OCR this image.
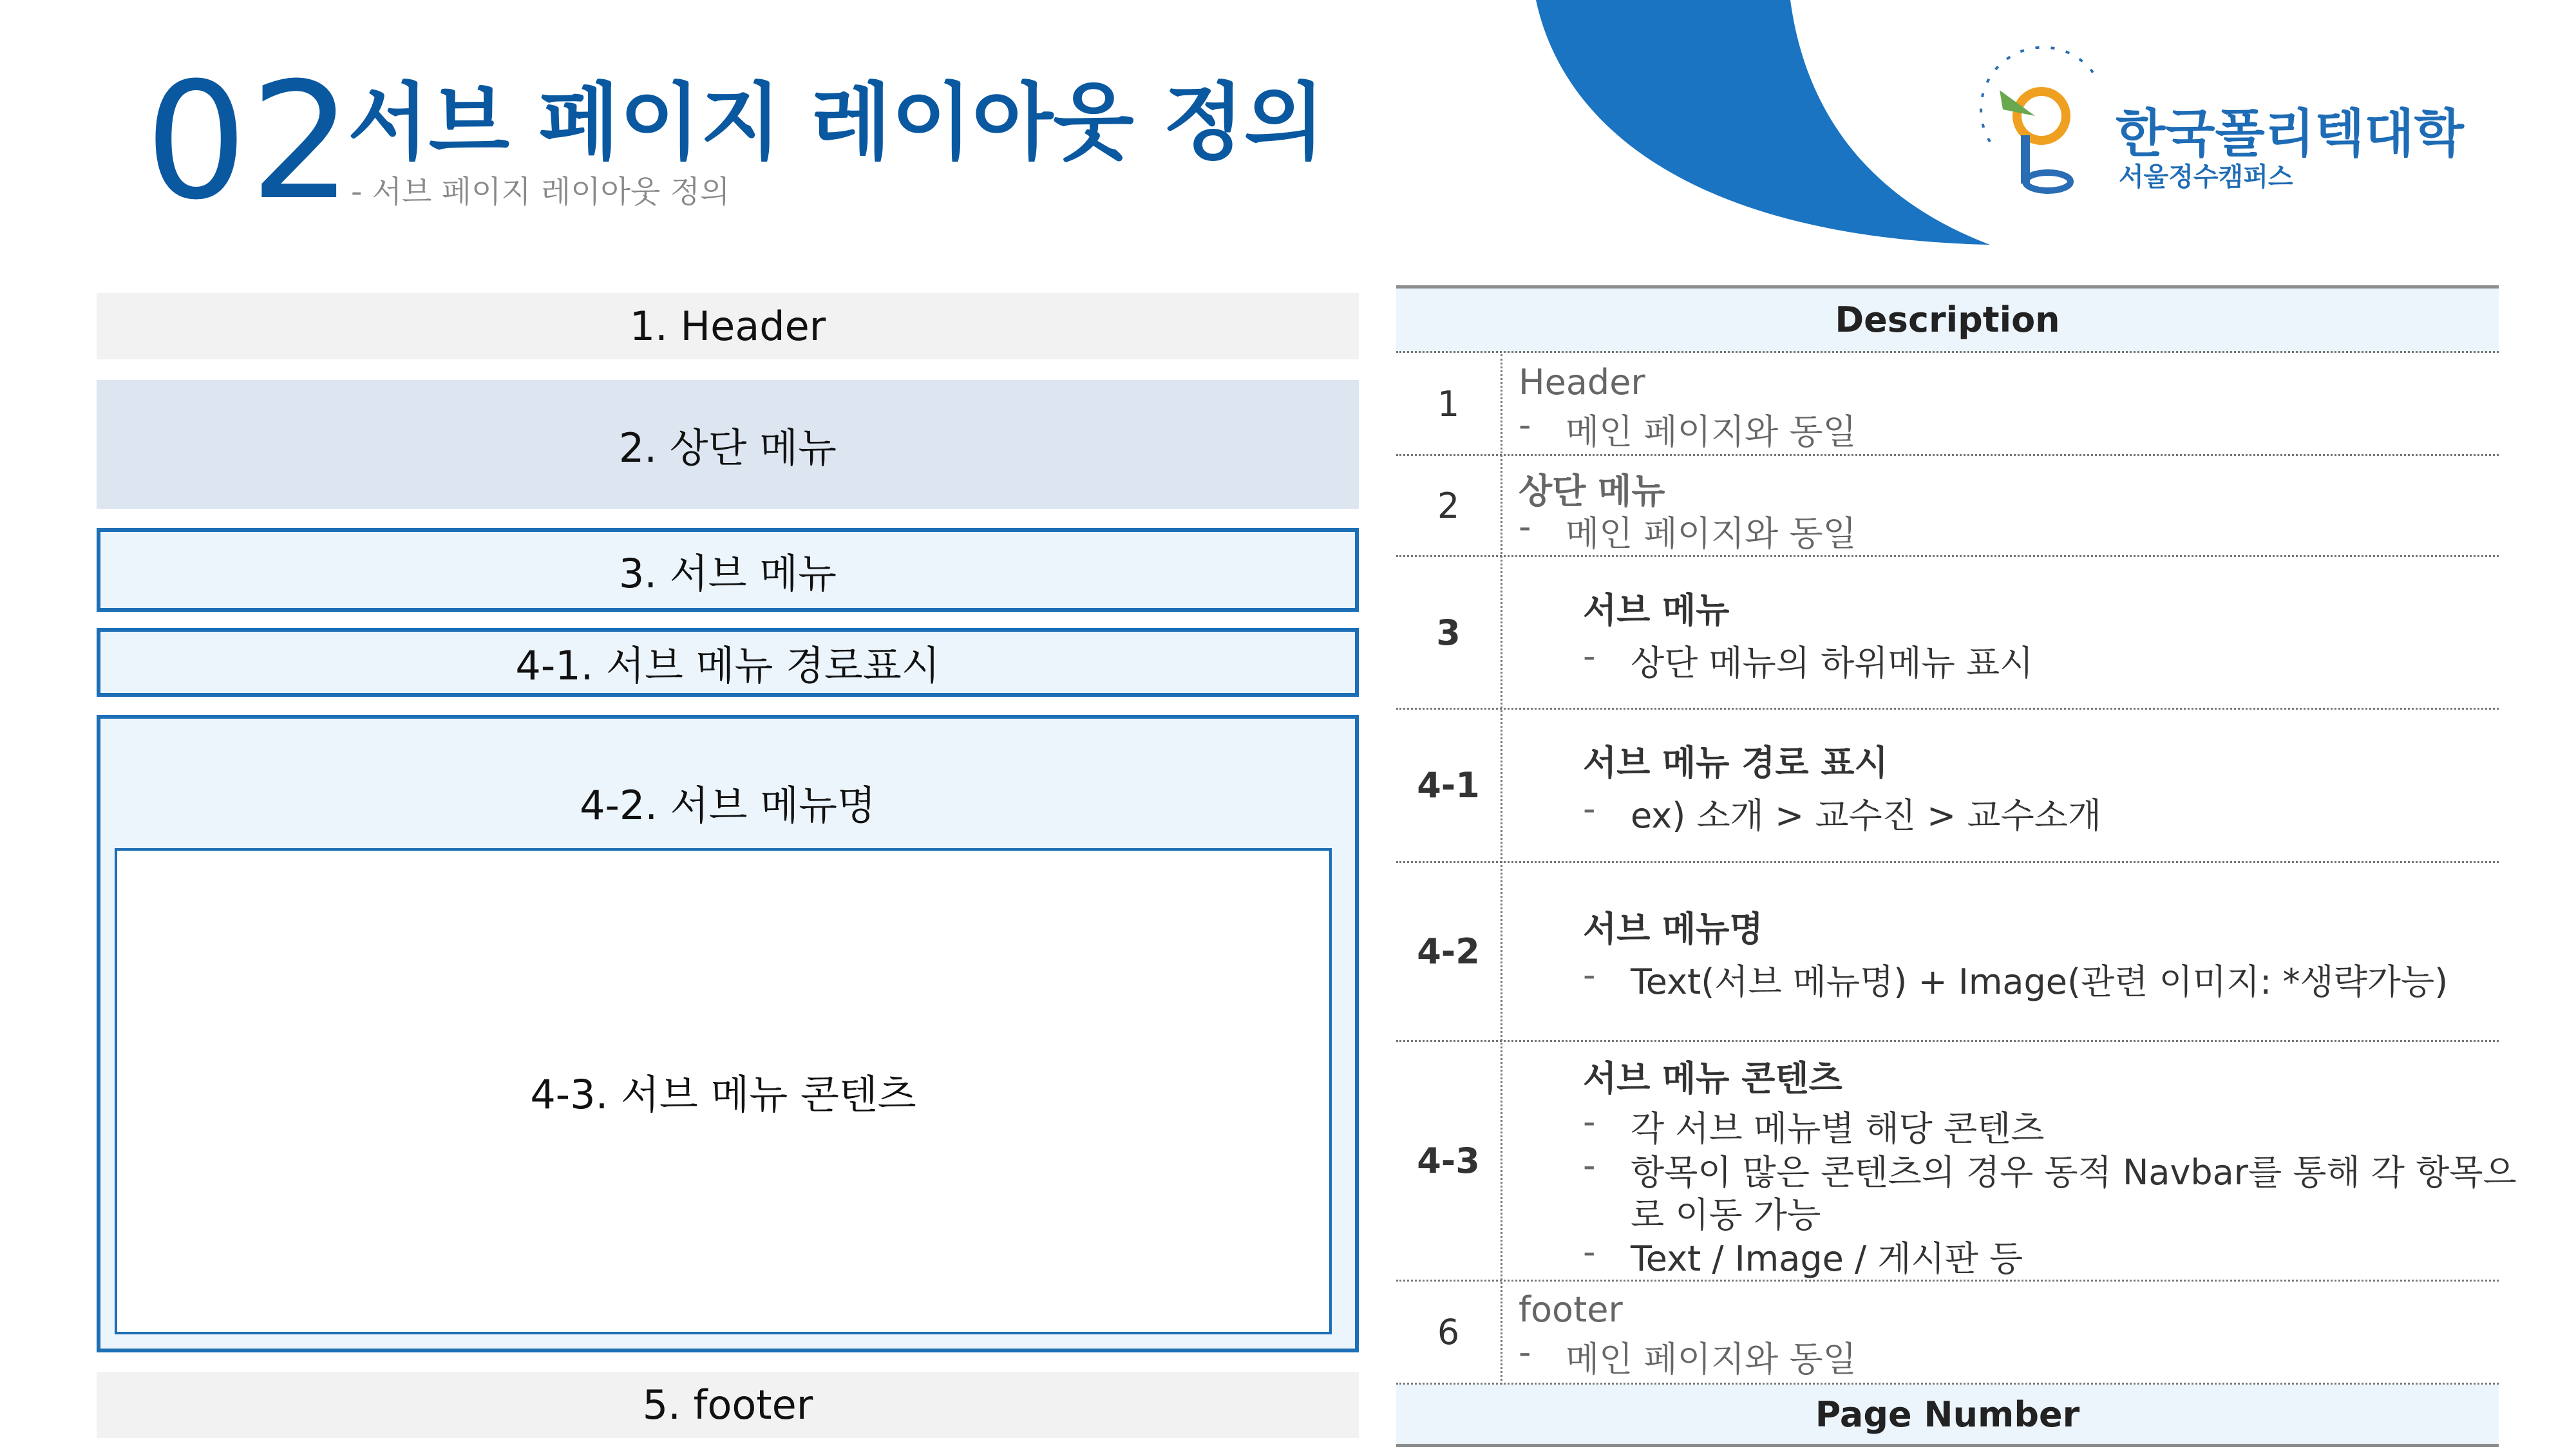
02
서브 페이지 레이아웃 정의
- 서브 페이지 레이아웃 정의
한국폴리텍대학
서울정수캠퍼스
1. Header
2. 상단 메뉴
3. 서브 메뉴
4-1. 서브 메뉴 경로표시
4-2. 서브 메뉴명
4-3. 서브 메뉴 콘텐츠
5. footer
Description
1
Header
- 메인 페이지와 동일
2	상단 메뉴
- 메인 페이지와 동일
3
서브 메뉴
- 상단 메뉴의 하위메뉴 표시
4-1
서브 메뉴 경로 표시
- ex) 소개 > 교수진 > 교수소개
4-2
서브 메뉴명
- Text(서브 메뉴명) + Image(관련 이미지: *생략가능)
4-3
서브 메뉴 콘텐츠
- 각 서브 메뉴별 해당 콘텐츠
- 항목이 많은 콘텐츠의 경우 동적 Navbar를 통해 각 항목으
로 이동 가능
- Text / Image / 게시판 등
6
footer
- 메인 페이지와 동일
Page Number
